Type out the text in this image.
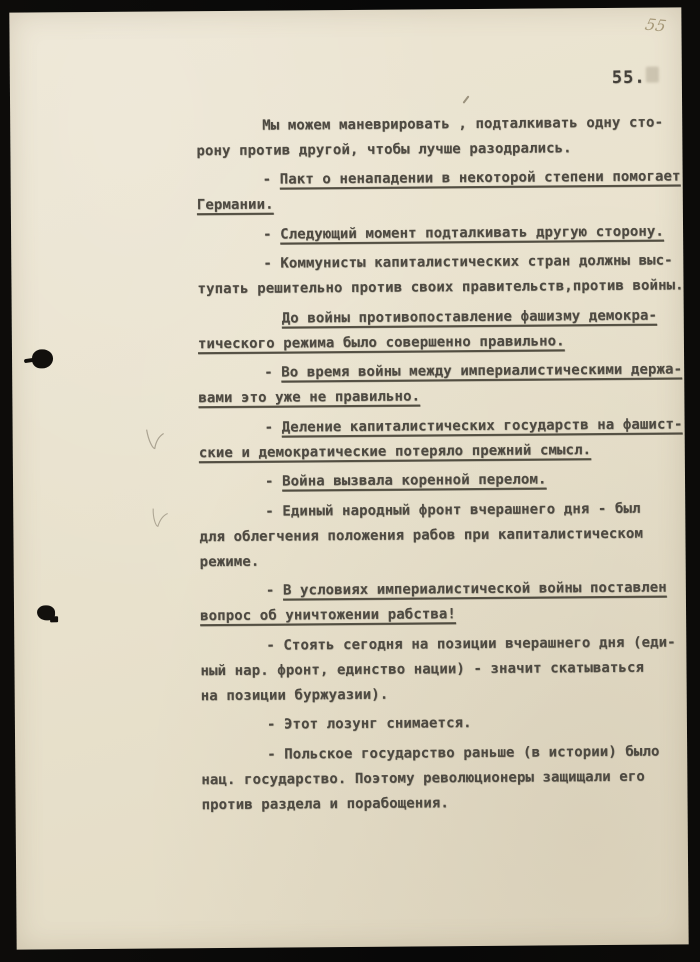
55
55.
Мы можем маневрировать , подталкивать одну сто-
рону против другой, чтобы лучше разодрались.
- Пакт о ненападении в некоторой степени помогает
Германии.
- Следующий момент подталкивать другую сторону.
- Коммунисты капиталистических стран должны выс-
тупать решительно против своих правительств,против войны.
До войны противопоставление фашизму демокра-
тического режима было совершенно правильно.
- Во время войны между империалистическими держа-
вами это уже не правильно.
- Деление капиталистических государств на фашист-
ские и демократические потеряло прежний смысл.
- Война вызвала коренной перелом.
- Единый народный фронт вчерашнего дня - был
для облегчения положения рабов при капиталистическом
режиме.
- В условиях империалистической войны поставлен
вопрос об уничтожении рабства!
- Стоять сегодня на позиции вчерашнего дня (еди-
ный нар. фронт, единство нации) - значит скатываться
на позиции буржуазии).
- Этот лозунг снимается.
- Польское государство раньше (в истории) было
нац. государство. Поэтому революционеры защищали его
против раздела и порабощения.
